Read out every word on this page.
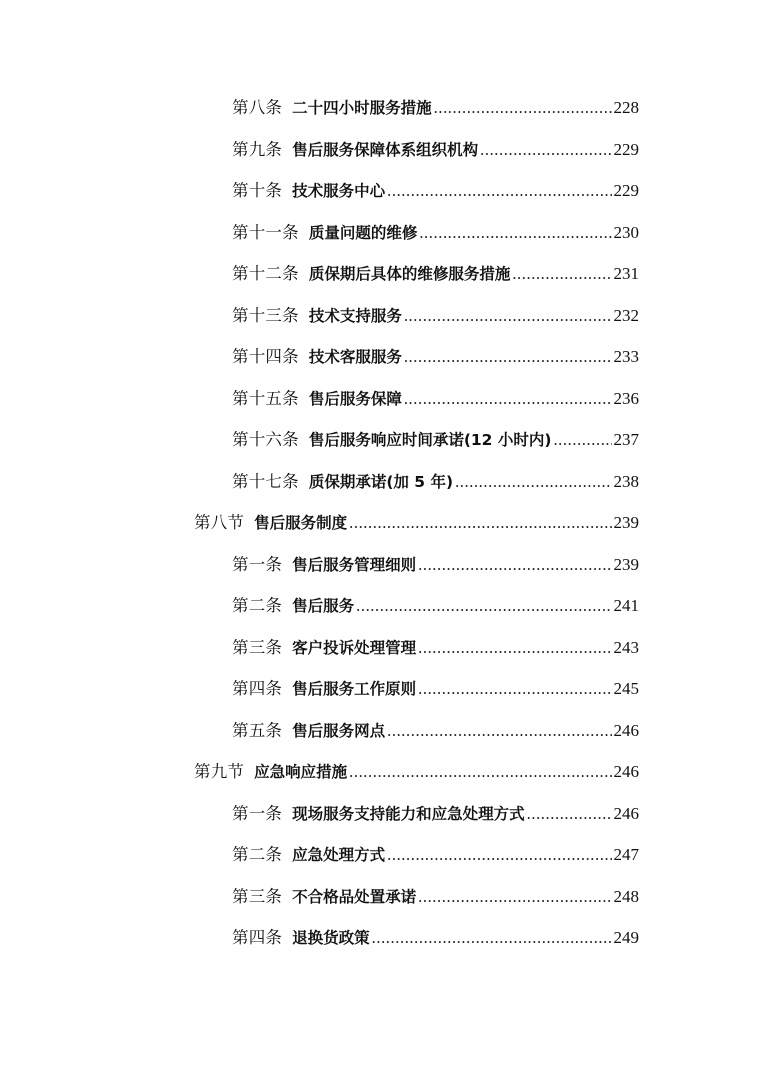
第八条 二十四小时服务措施 .....	228
第九条 售后服务保障体系组织机构 .....	229
第十条 技术服务中心 .....	229
第十一条 质量问题的维修 .....	230
第十二条 质保期后具体的维修服务措施 .....	231
第十三条 技术支持服务 .....	232
第十四条 技术客服服务 .....	233
第十五条 售后服务保障 .....	236
第十六条 售后服务响应时间承诺(12 小时内) .....	237
第十七条 质保期承诺(加 5 年) .....	238
第八节 售后服务制度 .....	239
第一条 售后服务管理细则 .....	239
第二条 售后服务 .....	241
第三条 客户投诉处理管理 .....	243
第四条 售后服务工作原则 .....	245
第五条 售后服务网点 .....	246
第九节 应急响应措施 .....	246
第一条 现场服务支持能力和应急处理方式 .....	246
第二条 应急处理方式 .....	247
第三条 不合格品处置承诺 .....	248
第四条 退换货政策 .....	249
